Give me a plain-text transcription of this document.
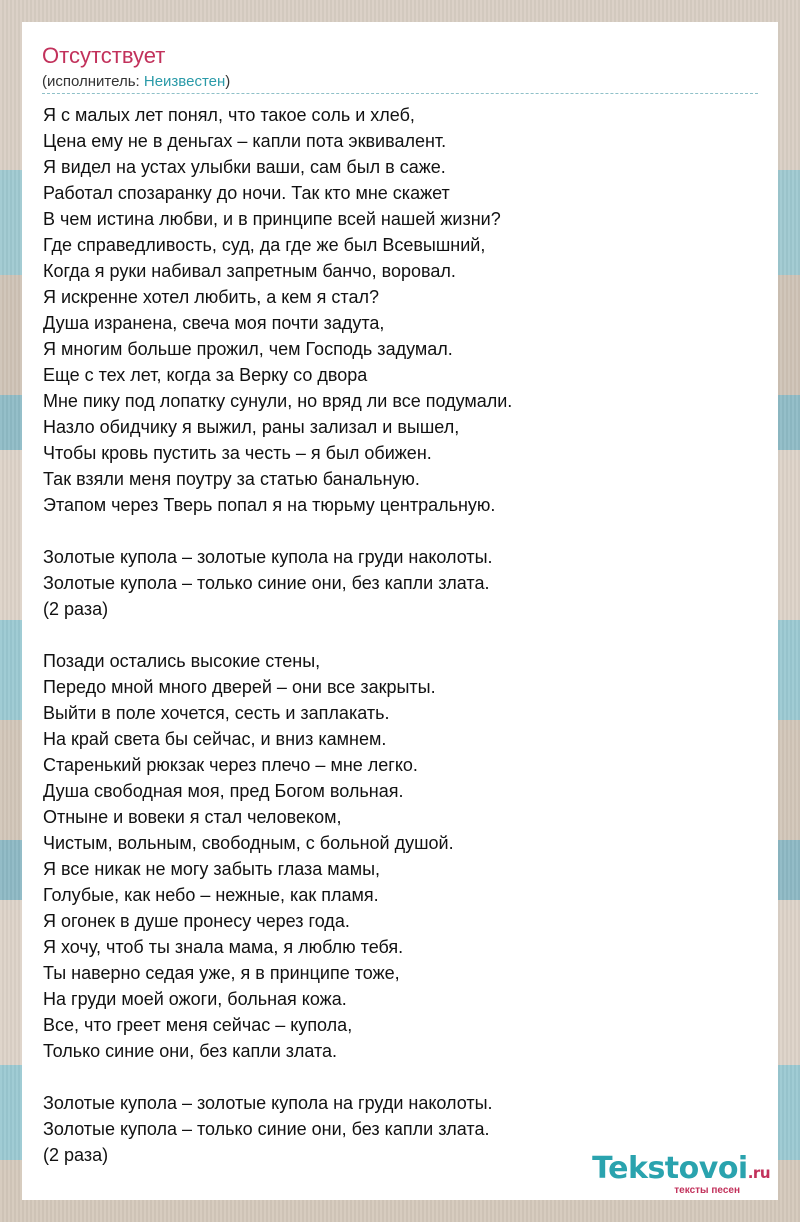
Отсутствует
(исполнитель: Неизвестен)
Я с малых лет понял, что такое соль и хлеб,
Цена ему не в деньгах – капли пота эквивалент.
Я видел на устах улыбки ваши, сам был в саже.
Работал спозаранку до ночи. Так кто мне скажет
В чем истина любви, и в принципе всей нашей жизни?
Где справедливость, суд, да где же был Всевышний,
Когда я руки набивал запретным банчо, воровал.
Я искренне хотел любить, а кем я стал?
Душа изранена, свеча моя почти задута,
Я многим больше прожил, чем Господь задумал.
Еще с тех лет, когда за Верку со двора
Мне пику под лопатку сунули, но вряд ли все подумали.
Назло обидчику я выжил, раны зализал и вышел,
Чтобы кровь пустить за честь – я был обижен.
Так взяли меня поутру за статью банальную.
Этапом через Тверь попал я на тюрьму центральную.
Золотые купола – золотые купола на груди наколоты.
Золотые купола – только синие они, без капли злата.
(2 раза)
Позади остались высокие стены,
Передо мной много дверей – они все закрыты.
Выйти в поле хочется, сесть и заплакать.
На край света бы сейчас, и вниз камнем.
Старенький рюкзак через плечо – мне легко.
Душа свободная моя, пред Богом вольная.
Отныне и вовеки я стал человеком,
Чистым, вольным, свободным, с больной душой.
Я все никак не могу забыть глаза мамы,
Голубые, как небо – нежные, как пламя.
Я огонек в душе пронесу через года.
Я хочу, чтоб ты знала мама, я люблю тебя.
Ты наверно седая уже, я в принципе тоже,
На груди моей ожоги, больная кожа.
Все, что греет меня сейчас – купола,
Только синие они, без капли злата.
Золотые купола – золотые купола на груди наколоты.
Золотые купола – только синие они, без капли злата.
(2 раза)	Tekstovoi.ru
тексты песен
